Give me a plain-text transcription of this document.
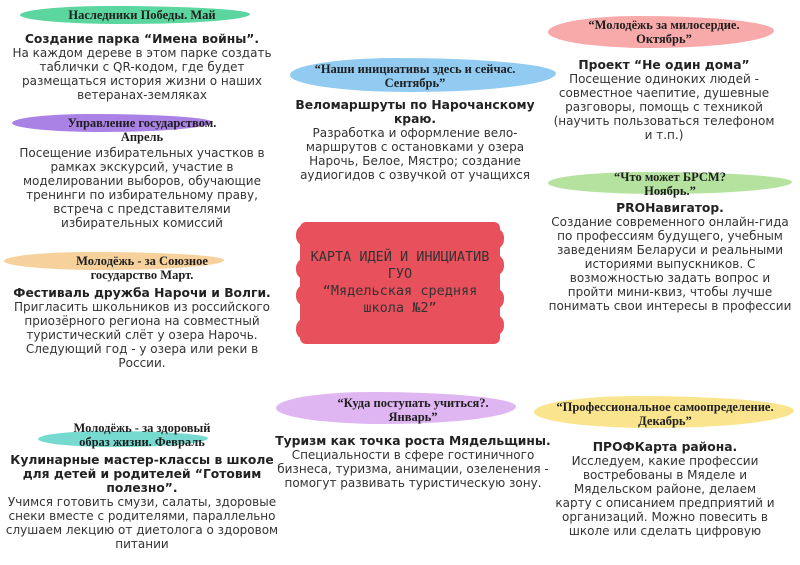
КАРТА ИДЕЙ И ИНИЦИАТИВ
ГУО
“Мядельская средняя
школа №2”
Наследники Победы. Май
Создание парка “Имена войны”.
На каждом дереве в этом парке создать таблички с QR-кодом, где будет размещаться история жизни о наших ветеранах-земляках
Управление государством. Апрель
Посещение избирательных участков в рамках экскурсий, участие в моделировании выборов, обучающие тренинги по избирательному праву, встреча с представителями избирательных комиссий
Молодёжь - за Союзное государство Март.
Фестиваль дружба Нарочи и Волги.
Пригласить школьников из российского приозёрного региона на совместный туристический слёт у озера Нарочь. Следующий год - у озера или реки в России.
Молодёжь - за здоровый образ жизни. Февраль
Кулинарные мастер-классы в школе для детей и родителей “Готовим полезно”.
Учимся готовить смузи, салаты, здоровые снеки вместе с родителями, параллельно слушаем лекцию от диетолога о здоровом питании
“Наши инициативы здесь и сейчас. Сентябрь”
Веломаршруты по Нарочанскому краю.
Разработка и оформление вело-маршрутов с остановками у озера Нарочь, Белое, Мястро; создание аудиогидов с озвучкой от учащихся
“Куда поступать учиться?. Январь”
Туризм как точка роста Мядельщины.
Специальности в сфере гостиничного бизнеса, туризма, анимации, озеленения - помогут развивать туристическую зону.
“Молодёжь за милосердие. Октябрь”
Проект “Не один дома”
Посещение одиноких людей - совместное чаепитие, душевные разговоры, помощь с техникой (научить пользоваться телефоном и т.п.)
“Что может БРСМ? Ноябрь.”
PROНавигатор.
Создание современного онлайн-гида по профессиям будущего, учебным заведениям Беларуси и реальными историями выпускников. С возможностью задать вопрос и пройти мини-квиз, чтобы лучше понимать свои интересы в профессии
“Профессиональное самоопределение. Декабрь”
ПРОФКарта района.
Исследуем, какие профессии востребованы в Мяделе и Мядельском районе, делаем карту с описанием предприятий и организаций. Можно повесить в школе или сделать цифровую
